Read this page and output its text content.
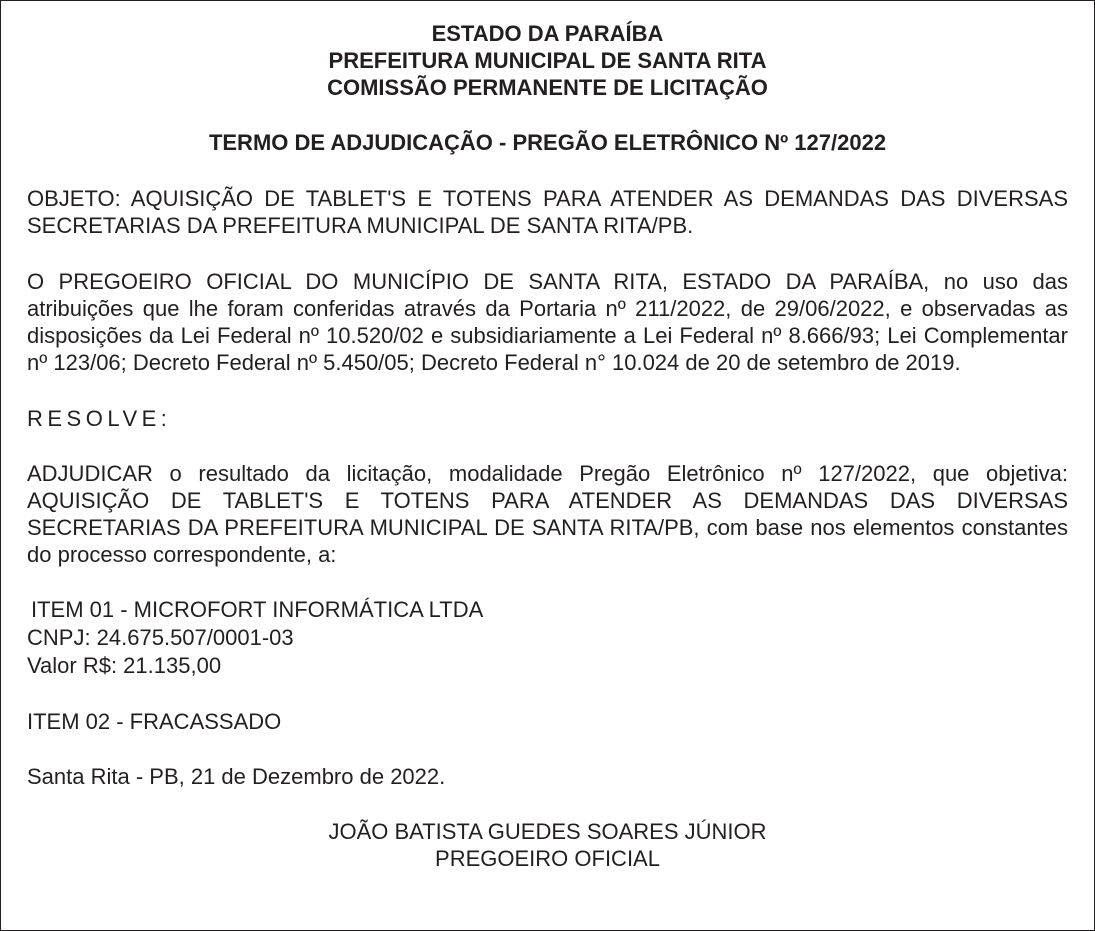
ESTADO DA PARAÍBA
PREFEITURA MUNICIPAL DE SANTA RITA
COMISSÃO PERMANENTE DE LICITAÇÃO
TERMO DE ADJUDICAÇÃO - PREGÃO ELETRÔNICO Nº 127/2022
OBJETO: AQUISIÇÃO DE TABLET'S E TOTENS PARA ATENDER AS DEMANDAS DAS DIVERSAS SECRETARIAS DA PREFEITURA MUNICIPAL DE SANTA RITA/PB.
O PREGOEIRO OFICIAL DO MUNICÍPIO DE SANTA RITA, ESTADO DA PARAÍBA, no uso das atribuições que lhe foram conferidas através da Portaria nº 211/2022, de 29/06/2022, e observadas as disposições da Lei Federal nº 10.520/02 e subsidiariamente a Lei Federal nº 8.666/93; Lei Complementar nº 123/06; Decreto Federal nº 5.450/05; Decreto Federal n° 10.024 de 20 de setembro de 2019.
RESOLVE:
ADJUDICAR o resultado da licitação, modalidade Pregão Eletrônico nº 127/2022, que objetiva: AQUISIÇÃO DE TABLET'S E TOTENS PARA ATENDER AS DEMANDAS DAS DIVERSAS SECRETARIAS DA PREFEITURA MUNICIPAL DE SANTA RITA/PB, com base nos elementos constantes do processo correspondente, a:
ITEM 01 - MICROFORT INFORMÁTICA LTDA
CNPJ: 24.675.507/0001-03
Valor R$: 21.135,00
ITEM 02 - FRACASSADO
Santa Rita - PB, 21 de Dezembro de 2022.
JOÃO BATISTA GUEDES SOARES JÚNIOR
PREGOEIRO OFICIAL
